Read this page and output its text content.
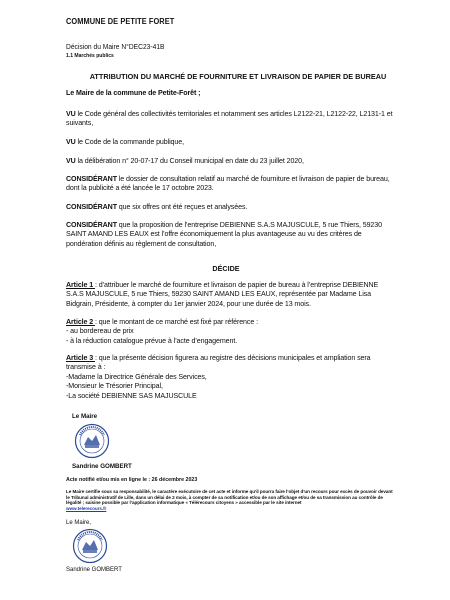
COMMUNE DE PETITE FORET
Décision du Maire N°DEC23-41B
1.1 Marchés publics
ATTRIBUTION DU MARCHÉ DE FOURNITURE ET LIVRAISON DE PAPIER DE BUREAU
Le Maire de la commune de Petite-Forêt ;
VU le Code général des collectivités territoriales et notamment ses articles L2122-21, L2122-22, L2131-1 et suivants,
VU le Code de la commande publique,
VU la délibération n° 20-07-17 du Conseil municipal en date du 23 juillet 2020,
CONSIDÉRANT le dossier de consultation relatif au marché de fourniture et livraison de papier de bureau, dont la publicité a été lancée le 17 octobre 2023.
CONSIDÉRANT que six offres ont été reçues et analysées.
CONSIDÉRANT que la proposition de l’entreprise DEBIENNE S.A.S MAJUSCULE, 5 rue Thiers, 59230 SAINT AMAND LES EAUX est l’offre économiquement la plus avantageuse au vu des critères de pondération définis au règlement de consultation,
DÉCIDE
Article 1 : d’attribuer le marché de fourniture et livraison de papier de bureau à l’entreprise DEBIENNE S.A.S MAJUSCULE, 5 rue Thiers, 59230 SAINT AMAND LES EAUX, représentée par Madame Lisa Bidgrain, Présidente, à compter du 1er janvier 2024, pour une durée de 13 mois.
Article 2 : que le montant de ce marché est fixé par référence :
- au bordereau de prix
- à la réduction catalogue prévue à l’acte d’engagement.
Article 3 : que la présente décision figurera au registre des décisions municipales et ampliation sera transmise à :
-Madame la Directrice Générale des Services,
-Monsieur le Trésorier Principal,
-La société DEBIENNE SAS MAJUSCULE
Le Maire
Sandrine GOMBERT
Acte notifié et/ou mis en ligne le : 26 décembre 2023
Le Maire certifie sous sa responsabilité, le caractère exécutoire de cet acte et informe qu’il pourra faire l’objet d’un recours pour excès de pouvoir devant le Tribunal administratif de Lille, dans un délai de 2 mois, à compter de sa notification et/ou de son affichage et/ou de sa transmission au contrôle de légalité ; saisine possible par l’application informatique « Télérecours citoyens » accessible par le site internet
www.telerecours.fr
Le Maire,
Sandrine GOMBERT
